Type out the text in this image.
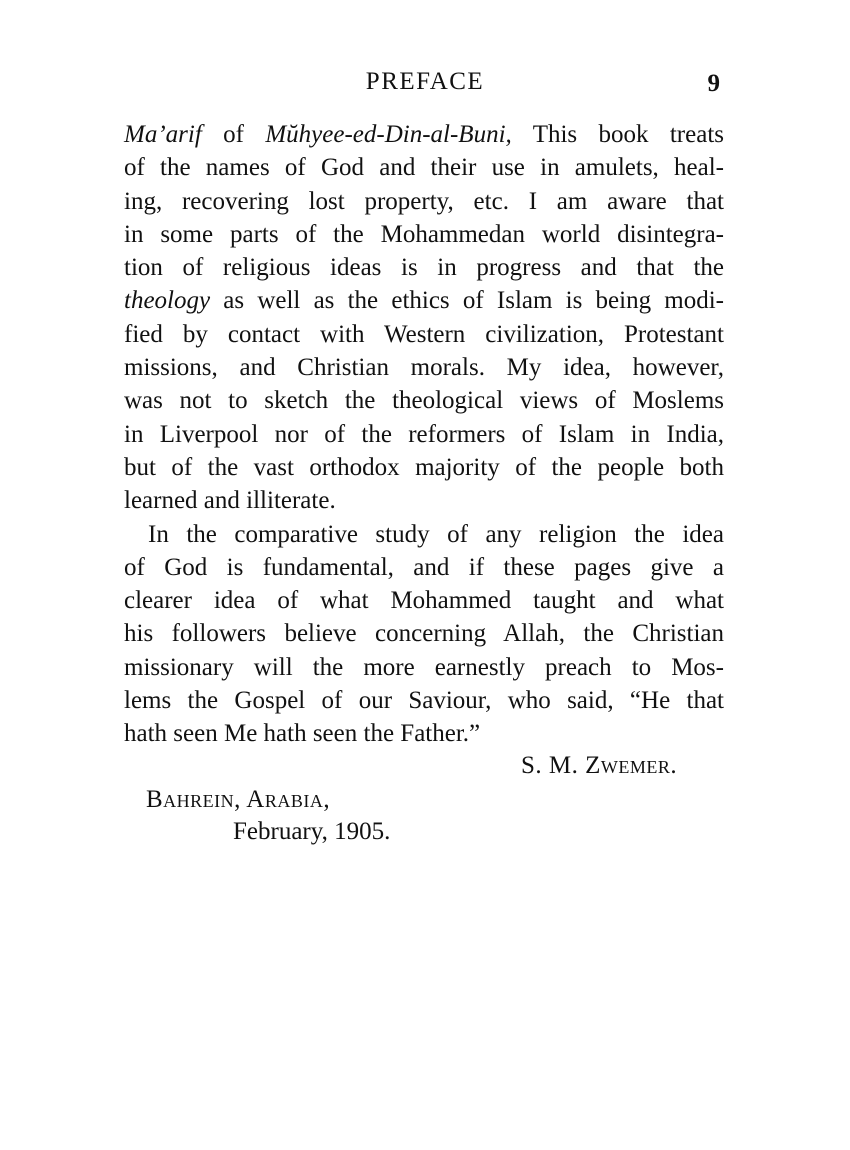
PREFACE	9
Ma’arif of Mŭhyee-ed-Din-al-Buni, This book treats
of the names of God and their use in amulets, heal-
ing, recovering lost property, etc. I am aware that
in some parts of the Mohammedan world disintegra-
tion of religious ideas is in progress and that the
theology as well as the ethics of Islam is being modi-
fied by contact with Western civilization, Protestant
missions, and Christian morals. My idea, however,
was not to sketch the theological views of Moslems
in Liverpool nor of the reformers of Islam in India,
but of the vast orthodox majority of the people both
learned and illiterate.
In the comparative study of any religion the idea
of God is fundamental, and if these pages give a
clearer idea of what Mohammed taught and what
his followers believe concerning Allah, the Christian
missionary will the more earnestly preach to Mos-
lems the Gospel of our Saviour, who said, “He that
hath seen Me hath seen the Father.”
S. M. Zwemer.
Bahrein, Arabia,
February, 1905.
